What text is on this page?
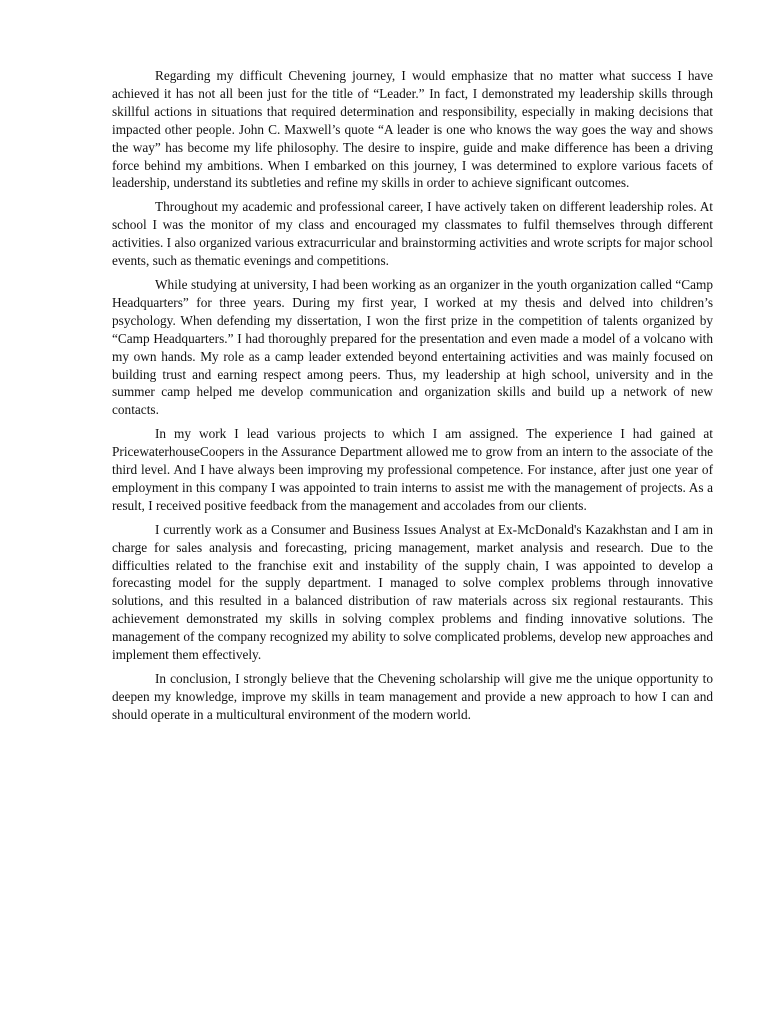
Regarding my difficult Chevening journey, I would emphasize that no matter what success I have achieved it has not all been just for the title of “Leader.” In fact, I demonstrated my leadership skills through skillful actions in situations that required determination and responsibility, especially in making decisions that impacted other people. John C. Maxwell’s quote “A leader is one who knows the way goes the way and shows the way” has become my life philosophy. The desire to inspire, guide and make difference has been a driving force behind my ambitions. When I embarked on this journey, I was determined to explore various facets of leadership, understand its subtleties and refine my skills in order to achieve significant outcomes.

Throughout my academic and professional career, I have actively taken on different leadership roles. At school I was the monitor of my class and encouraged my classmates to fulfil themselves through different activities. I also organized various extracurricular and brainstorming activities and wrote scripts for major school events, such as thematic evenings and competitions.

While studying at university, I had been working as an organizer in the youth organization called “Camp Headquarters” for three years. During my first year, I worked at my thesis and delved into children’s psychology. When defending my dissertation, I won the first prize in the competition of talents organized by “Camp Headquarters.” I had thoroughly prepared for the presentation and even made a model of a volcano with my own hands. My role as a camp leader extended beyond entertaining activities and was mainly focused on building trust and earning respect among peers. Thus, my leadership at high school, university and in the summer camp helped me develop communication and organization skills and build up a network of new contacts.

In my work I lead various projects to which I am assigned. The experience I had gained at PricewaterhouseCoopers in the Assurance Department allowed me to grow from an intern to the associate of the third level. And I have always been improving my professional competence. For instance, after just one year of employment in this company I was appointed to train interns to assist me with the management of projects. As a result, I received positive feedback from the management and accolades from our clients.

I currently work as a Consumer and Business Issues Analyst at Ex-McDonald's Kazakhstan and I am in charge for sales analysis and forecasting, pricing management, market analysis and research. Due to the difficulties related to the franchise exit and instability of the supply chain, I was appointed to develop a forecasting model for the supply department. I managed to solve complex problems through innovative solutions, and this resulted in a balanced distribution of raw materials across six regional restaurants. This achievement demonstrated my skills in solving complex problems and finding innovative solutions. The management of the company recognized my ability to solve complicated problems, develop new approaches and implement them effectively.

In conclusion, I strongly believe that the Chevening scholarship will give me the unique opportunity to deepen my knowledge, improve my skills in team management and provide a new approach to how I can and should operate in a multicultural environment of the modern world.
